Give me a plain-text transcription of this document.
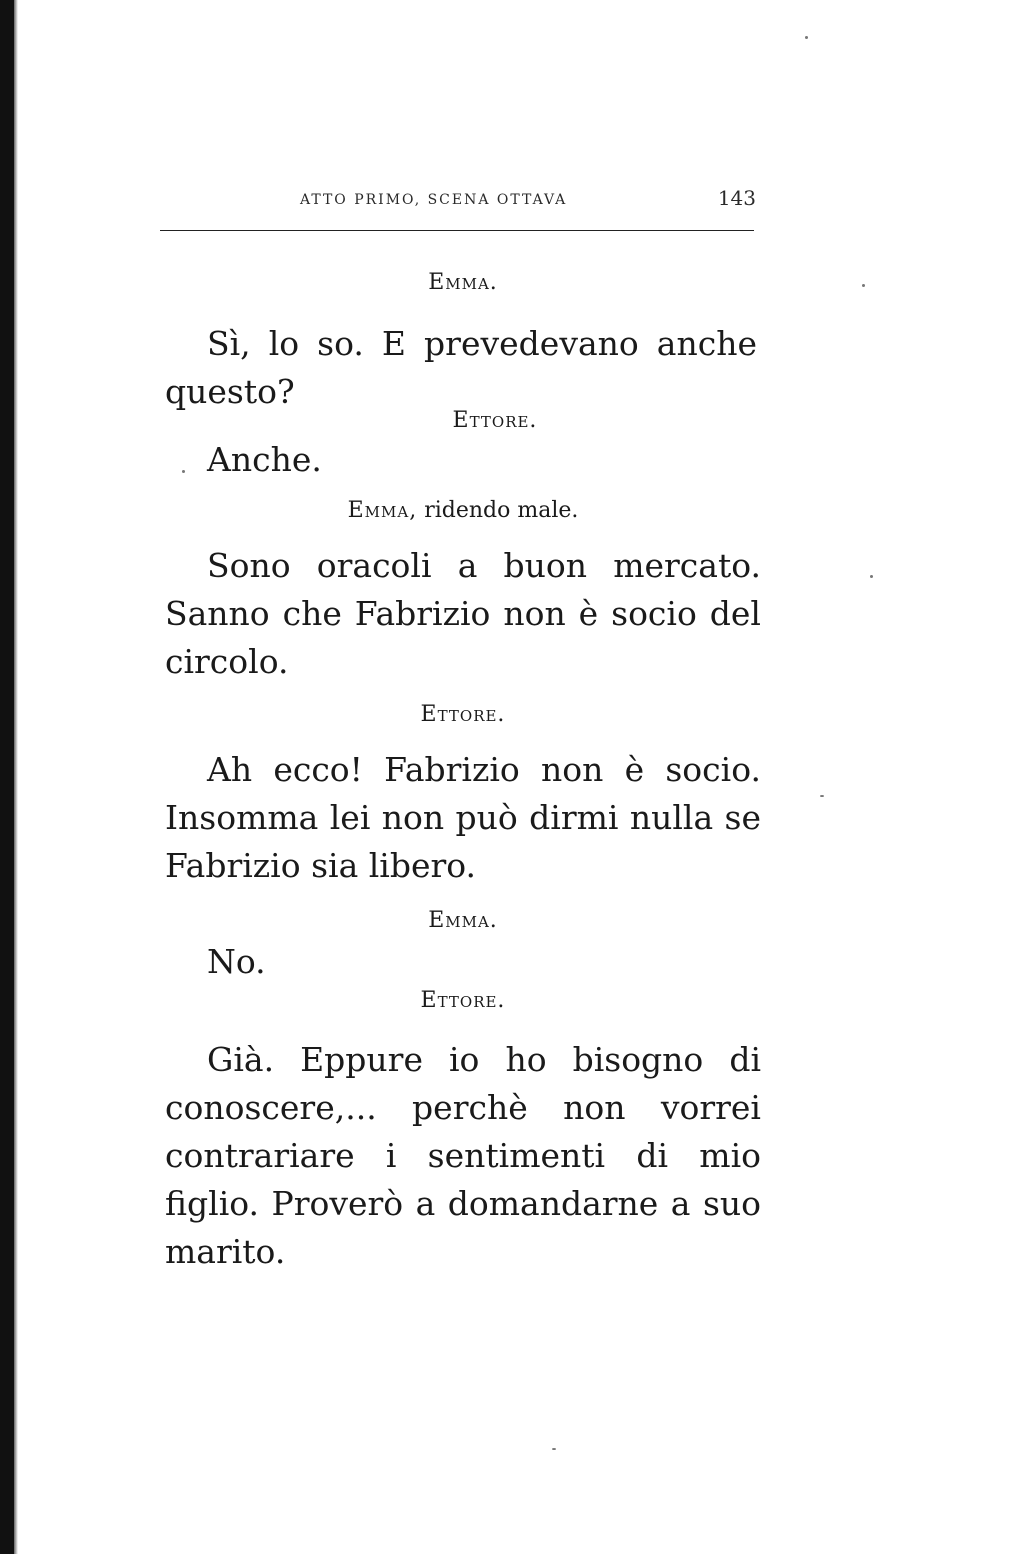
ATTO PRIMO, SCENA OTTAVA	143

Emma.

Sì, lo so. E prevedevano anche questo?

Ettore.

Anche.

Emma, ridendo male.

Sono oracoli a buon mercato. Sanno che Fabrizio non è socio del circolo.

Ettore.

Ah ecco! Fabrizio non è socio. Insomma lei non può dirmi nulla se Fabrizio sia libero.

Emma.

No.

Ettore.

Già. Eppure io ho bisogno di conoscere,... perchè non vorrei contrariare i sentimenti di mio figlio. Proverò a domandarne a suo marito.
